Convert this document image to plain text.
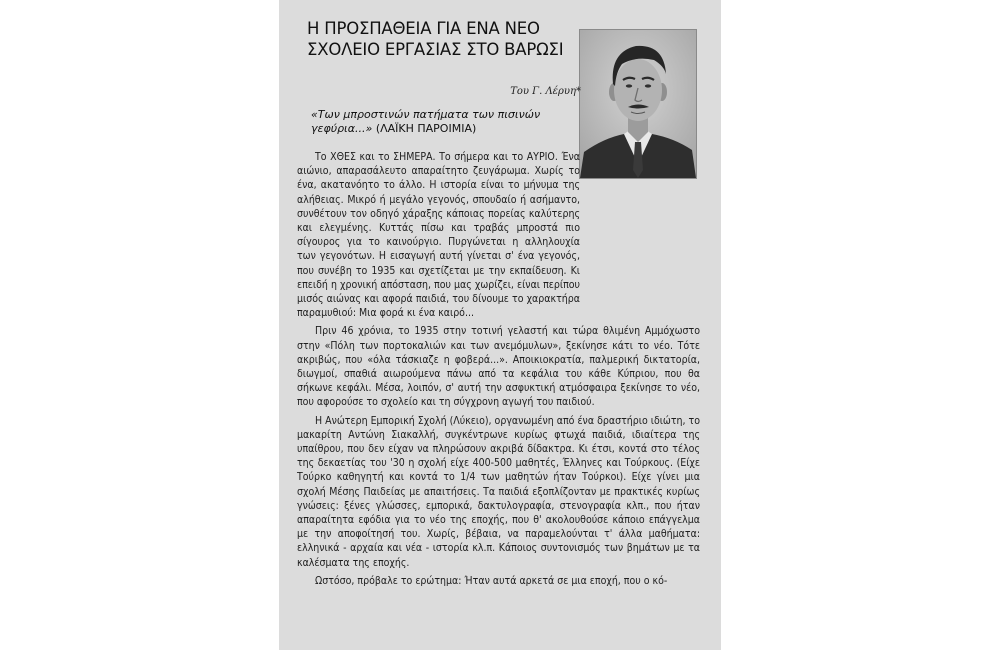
Η ΠΡΟΣΠΑΘΕΙΑ ΓΙΑ ΕΝΑ ΝΕΟ
ΣΧΟΛΕΙΟ ΕΡΓΑΣΙΑΣ ΣΤΟ ΒΑΡΩΣΙ
Του Γ. Λέρυη*
«Των μπροστινών πατήματα των πισινών γεφύρια...» (ΛΑΪΚΗ ΠΑΡΟΙΜΙΑ)

Το ΧΘΕΣ και το ΣΗΜΕΡΑ. Το σήμερα και το ΑΥΡΙΟ. Ένα αιώνιο, απαρασάλευτο απαραίτητο ζευγάρωμα. Χωρίς το ένα, ακατανόητο το άλλο. Η ιστορία είναι το μήνυμα της αλήθειας. Μικρό ή μεγάλο γεγονός, σπουδαίο ή ασήμαντο, συνθέτουν τον οδηγό χάραξης κάποιας πορείας καλύτερης και ελεγμένης. Κυττάς πίσω και τραβάς μπροστά πιο σίγουρος για το καινούργιο. Πυργώνεται η αλληλουχία των γεγονότων. Η εισαγωγή αυτή γίνεται σ' ένα γεγονός, που συνέβη το 1935 και σχετίζεται με την εκπαίδευση. Κι επειδή η χρονική απόσταση, που μας χωρίζει, είναι περίπου μισός αιώνας και αφορά παιδιά, του δίνουμε το χαρακτήρα παραμυθιού: Μια φορά κι ένα καιρό...

Πριν 46 χρόνια, το 1935 στην τοτινή γελαστή και τώρα θλιμένη Αμμόχωστο στην «Πόλη των πορτοκαλιών και των ανεμόμυλων», ξεκίνησε κάτι το νέο. Τότε ακριβώς, που «όλα τάσκιαζε η φοβερά...». Αποικιοκρατία, παλμερική δικτατορία, διωγμοί, σπαθιά αιωρούμενα πάνω από τα κεφάλια του κάθε Κύπριου, που θα σήκωνε κεφάλι. Μέσα, λοιπόν, σ' αυτή την ασφυκτική ατμόσφαιρα ξεκίνησε το νέο, που αφορούσε το σχολείο και τη σύγχρονη αγωγή του παιδιού.

Η Ανώτερη Εμπορική Σχολή (Λύκειο), οργανωμένη από ένα δραστήριο ιδιώτη, το μακαρίτη Αντώνη Σιακαλλή, συγκέντρωνε κυρίως φτωχά παιδιά, ιδιαίτερα της υπαίθρου, που δεν είχαν να πληρώσουν ακριβά δίδακτρα. Κι έτσι, κοντά στο τέλος της δεκαετίας του '30 η σχολή είχε 400-500 μαθητές, Έλληνες και Τούρκους. (Είχε Τούρκο καθηγητή και κοντά το 1/4 των μαθητών ήταν Τούρκοι). Είχε γίνει μια σχολή Μέσης Παιδείας με απαιτήσεις. Τα παιδιά εξοπλίζονταν με πρακτικές κυρίως γνώσεις: ξένες γλώσσες, εμπορικά, δακτυλογραφία, στενογραφία κλπ., που ήταν απαραίτητα εφόδια για το νέο της εποχής, που θ' ακολουθούσε κάποιο επάγγελμα με την αποφοίτησή του. Χωρίς, βέβαια, να παραμελούνται τ' άλλα μαθήματα: ελληνικά - αρχαία και νέα - ιστορία κλ.π. Κάποιος συντονισμός των βημάτων με τα καλέσματα της εποχής.

Ωστόσο, πρόβαλε το ερώτημα: Ήταν αυτά αρκετά σε μια εποχή, που ο κό-
